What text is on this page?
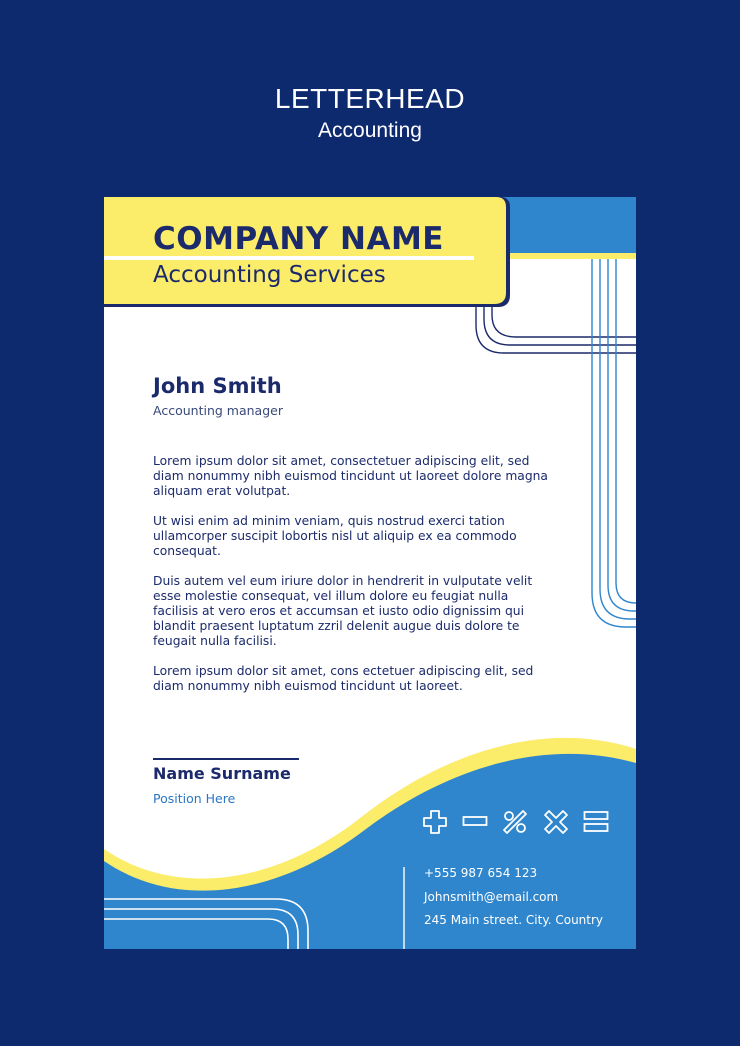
LETTERHEAD
Accounting
COMPANY NAME
Accounting Services
John Smith
Accounting manager

Lorem ipsum dolor sit amet, consectetuer adipiscing elit, sed diam nonummy nibh euismod tincidunt ut laoreet dolore magna aliquam erat volutpat.

Ut wisi enim ad minim veniam, quis nostrud exerci tation ullamcorper suscipit lobortis nisl ut aliquip ex ea commodo consequat.

Duis autem vel eum iriure dolor in hendrerit in vulputate velit esse molestie consequat, vel illum dolore eu feugiat nulla facilisis at vero eros et accumsan et iusto odio dignissim qui blandit praesent luptatum zzril delenit augue duis dolore te feugait nulla facilisi.

Lorem ipsum dolor sit amet, cons ectetuer adipiscing elit, sed diam nonummy nibh euismod tincidunt ut laoreet.

Name Surname
Position Here
+555 987 654 123
Johnsmith@email.com
245 Main street. City. Country
